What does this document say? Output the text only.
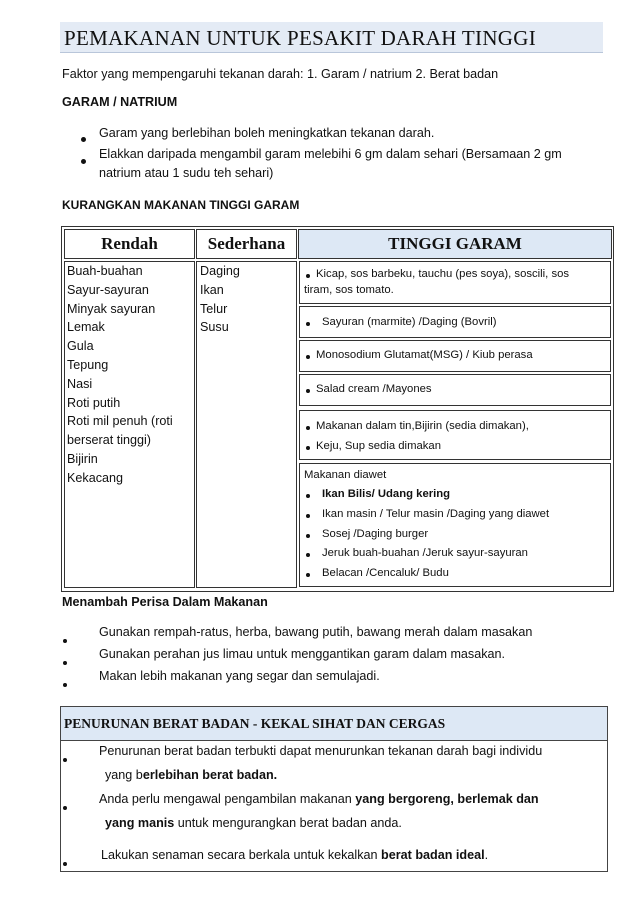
PEMAKANAN UNTUK PESAKIT DARAH TINGGI
Faktor yang mempengaruhi tekanan darah: 1. Garam / natrium 2. Berat badan
GARAM / NATRIUM
Garam yang berlebihan boleh meningkatkan tekanan darah.
Elakkan daripada mengambil garam melebihi 6 gm dalam sehari (Bersamaan 2 gm
natrium atau 1 sudu teh sehari)
KURANGKAN MAKANAN TINGGI GARAM
Rendah	Sederhana	TINGGI GARAM
Buah-buahan
Sayur-sayuran
Minyak sayuran
Lemak
Gula
Tepung
Nasi
Roti putih
Roti mil penuh (roti
berserat tinggi)
Bijirin
Kekacang
Daging
Ikan
Telur
Susu
Kicap, sos barbeku, tauchu (pes soya), soscili, sos
tiram, sos tomato.
Sayuran (marmite) /Daging (Bovril)
Monosodium Glutamat(MSG) / Kiub perasa
Salad cream /Mayones
Makanan dalam tin,Bijirin (sedia dimakan),
Keju, Sup sedia dimakan
Makanan diawet
Ikan Bilis/ Udang kering
Ikan masin / Telur masin /Daging yang diawet
Sosej /Daging burger
Jeruk buah-buahan /Jeruk sayur-sayuran
Belacan /Cencaluk/ Budu
Menambah Perisa Dalam Makanan
Gunakan rempah-ratus, herba, bawang putih, bawang merah dalam masakan
Gunakan perahan jus limau untuk menggantikan garam dalam masakan.
Makan lebih makanan yang segar dan semulajadi.
PENURUNAN BERAT BADAN - KEKAL SIHAT DAN CERGAS
Penurunan berat badan terbukti dapat menurunkan tekanan darah bagi individu
yang berlebihan berat badan.
Anda perlu mengawal pengambilan makanan yang bergoreng, berlemak dan
yang manis untuk mengurangkan berat badan anda.
Lakukan senaman secara berkala untuk kekalkan berat badan ideal.
